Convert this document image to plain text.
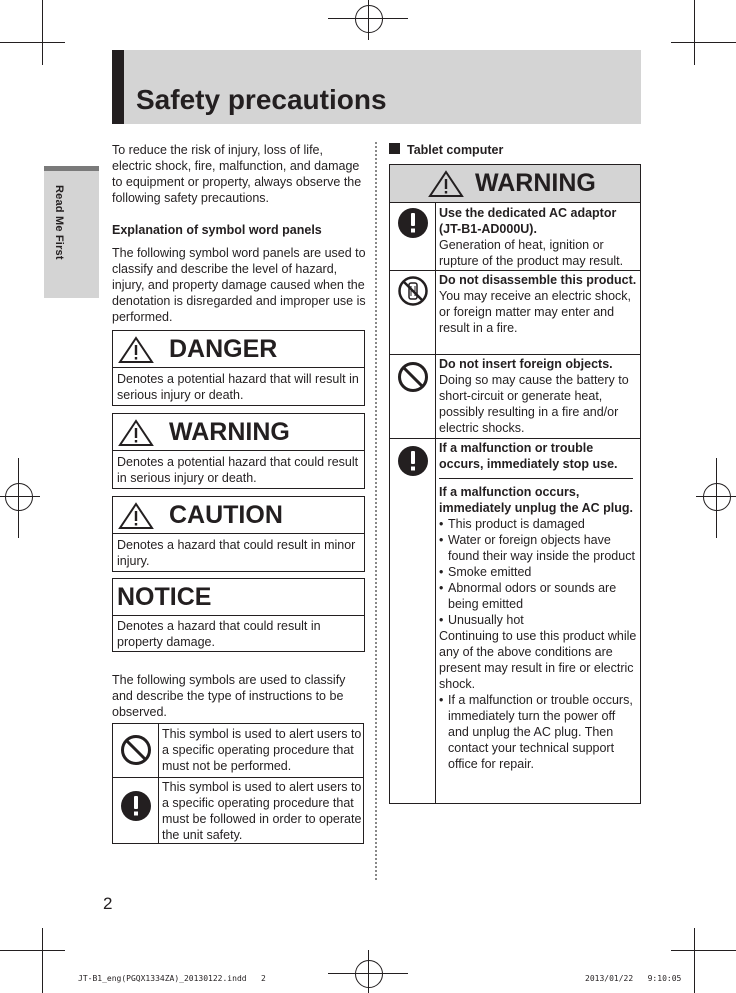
Safety precautions
Read Me First
To reduce the risk of injury, loss of life, electric shock, fire, malfunction, and damage to equipment or property, always observe the following safety precautions.
Explanation of symbol word panels
The following symbol word panels are used to classify and describe the level of hazard, injury, and property damage caused when the denotation is disregarded and improper use is performed.
DANGER
Denotes a potential hazard that will result in serious injury or death.
WARNING
Denotes a potential hazard that could result in serious injury or death.
CAUTION
Denotes a hazard that could result in minor injury.
NOTICE
Denotes a hazard that could result in property damage.
The following symbols are used to classify and describe the type of instructions to be observed.
This symbol is used to alert users to a specific operating procedure that must not be performed.
This symbol is used to alert users to a specific operating procedure that must be followed in order to operate the unit safety.
Tablet computer
WARNING
Use the dedicated AC adaptor (JT-B1-AD000U).
Generation of heat, ignition or rupture of the product may result.
Do not disassemble this product.
You may receive an electric shock, or foreign matter may enter and result in a fire.
Do not insert foreign objects.
Doing so may cause the battery to short-circuit or generate heat, possibly resulting in a fire and/or electric shocks.
If a malfunction or trouble occurs, immediately stop use.
If a malfunction occurs, immediately unplug the AC plug.
• This product is damaged
• Water or foreign objects have found their way inside the product
• Smoke emitted
• Abnormal odors or sounds are being emitted
• Unusually hot
Continuing to use this product while any of the above conditions are present may result in fire or electric shock.
• If a malfunction or trouble occurs, immediately turn the power off and unplug the AC plug. Then contact your technical support office for repair.
2
JT-B1_eng(PGQX1334ZA)_20130122.indd   2	2013/01/22   9:10:05
